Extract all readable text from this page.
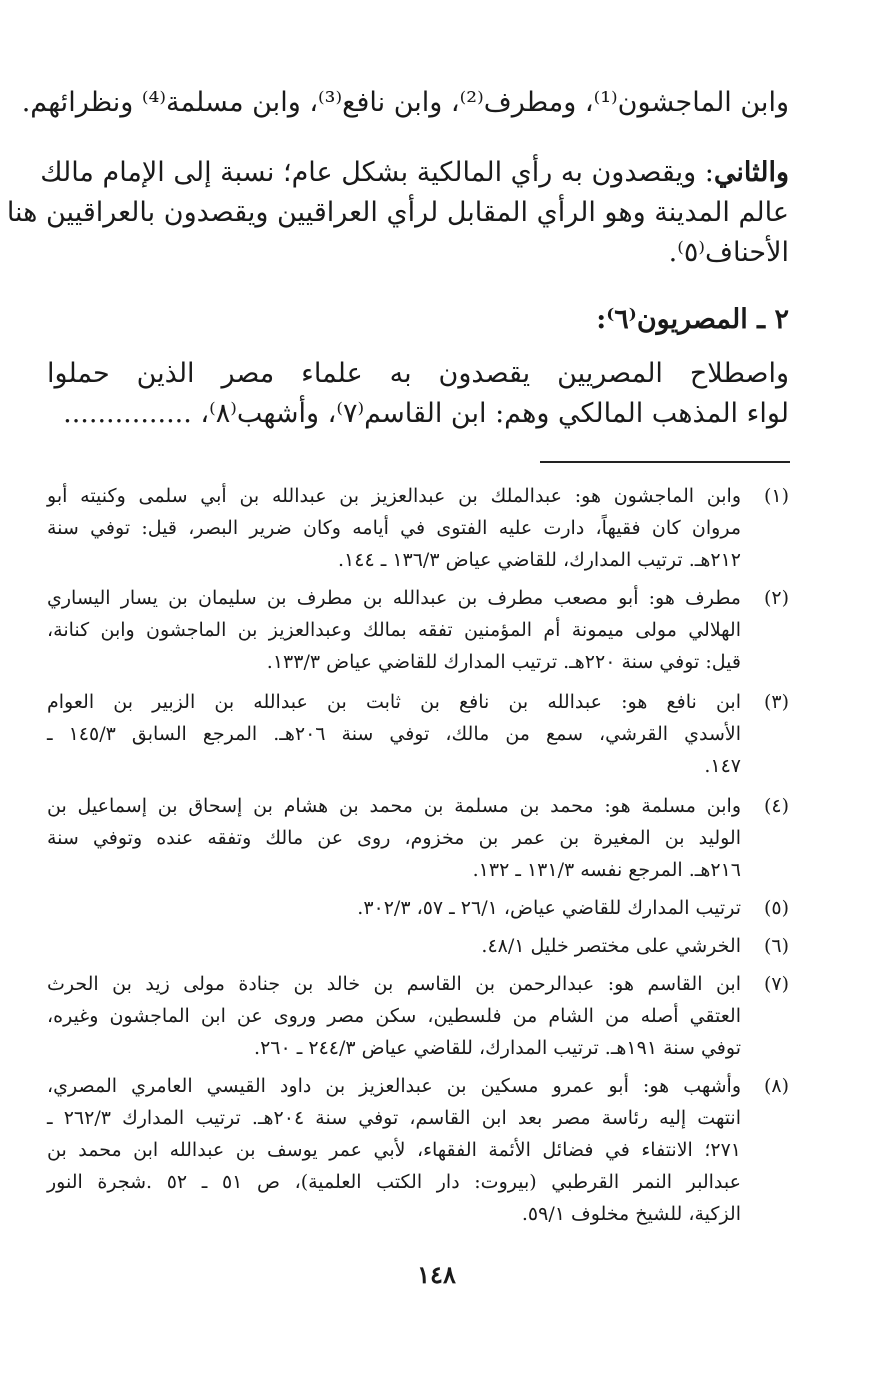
وابن الماجشون⁽¹⁾، ومطرف⁽²⁾، وابن نافع⁽³⁾، وابن مسلمة⁽⁴⁾ ونظرائهم.
والثاني: ويقصدون به رأي المالكية بشكل عام؛ نسبة إلى الإمام مالك
عالم المدينة وهو الرأي المقابل لرأي العراقيين ويقصدون بالعراقيين هنا
الأحناف⁽٥⁾.
٢ ـ المصريون⁽٦⁾:
واصطلاح المصريين يقصدون به علماء مصر الذين حملوا
لواء المذهب المالكي وهم: ابن القاسم⁽٧⁾، وأشهب⁽٨⁾، ...............
(١)
وابن الماجشون هو: عبدالملك بن عبدالعزيز بن عبدالله بن أبي سلمى وكنيته أبو
مروان كان فقيهاً، دارت عليه الفتوى في أيامه وكان ضرير البصر، قيل: توفي سنة
٢١٢هـ. ترتيب المدارك، للقاضي عياض ١٣٦/٣ ـ ١٤٤.
(٢)
مطرف هو: أبو مصعب مطرف بن عبدالله بن مطرف بن سليمان بن يسار اليساري
الهلالي مولى ميمونة أم المؤمنين تفقه بمالك وعبدالعزيز بن الماجشون وابن كنانة،
قيل: توفي سنة ٢٢٠هـ. ترتيب المدارك للقاضي عياض ١٣٣/٣.
(٣)
ابن نافع هو: عبدالله بن نافع بن ثابت بن عبدالله بن الزبير بن العوام
الأسدي القرشي، سمع من مالك، توفي سنة ٢٠٦هـ. المرجع السابق ١٤٥/٣ ـ
١٤٧.
(٤)
وابن مسلمة هو: محمد بن مسلمة بن محمد بن هشام بن إسحاق بن إسماعيل بن
الوليد بن المغيرة بن عمر بن مخزوم، روى عن مالك وتفقه عنده وتوفي سنة
٢١٦هـ. المرجع نفسه ١٣١/٣ ـ ١٣٢.
(٥)
ترتيب المدارك للقاضي عياض، ٢٦/١ ـ ٥٧، ٣٠٢/٣.
(٦)
الخرشي على مختصر خليل ٤٨/١.
(٧)
ابن القاسم هو: عبدالرحمن بن القاسم بن خالد بن جنادة مولى زيد بن الحرث
العتقي أصله من الشام من فلسطين، سكن مصر وروى عن ابن الماجشون وغيره،
توفي سنة ١٩١هـ. ترتيب المدارك، للقاضي عياض ٢٤٤/٣ ـ ٢٦٠.
(٨)
وأشهب هو: أبو عمرو مسكين بن عبدالعزيز بن داود القيسي العامري المصري،
انتهت إليه رئاسة مصر بعد ابن القاسم، توفي سنة ٢٠٤هـ. ترتيب المدارك ٢٦٢/٣ ـ
٢٧١؛ الانتفاء في فضائل الأئمة الفقهاء، لأبي عمر يوسف بن عبدالله ابن محمد بن
عبدالبر النمر القرطبي (بيروت: دار الكتب العلمية)، ص ٥١ ـ ٥٢ .شجرة النور
الزكية، للشيخ مخلوف ٥٩/١.
١٤٨
